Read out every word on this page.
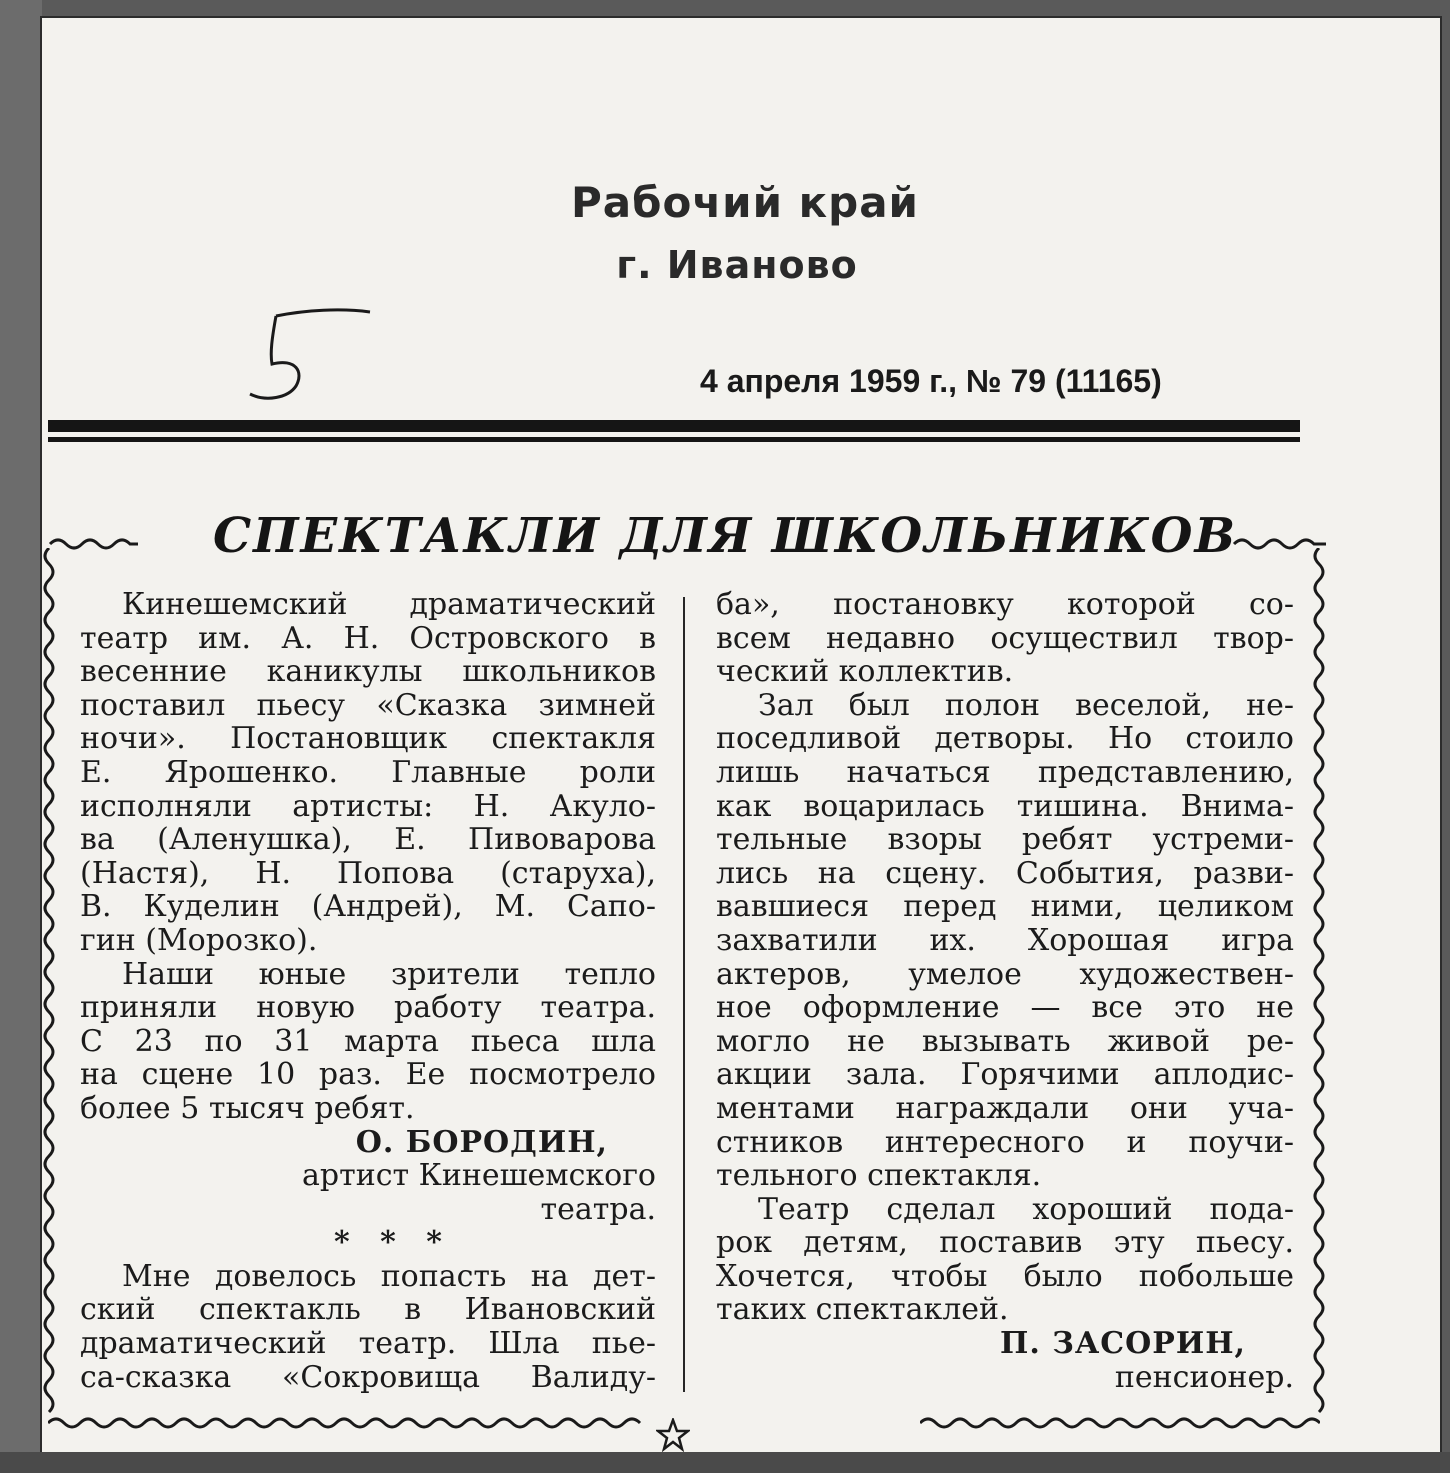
Рабочий край
г. Иваново
4 апреля 1959 г., № 79 (11165)
СПЕКТАКЛИ ДЛЯ ШКОЛЬНИКОВ

Кинешемский драматический

театр им. А. Н. Островского в

весенние каникулы школьников

поставил пьесу «Сказка зимней

ночи». Постановщик спектакля

Е. Ярошенко. Главные роли

исполняли артисты: Н. Акуло-

ва (Аленушка), Е. Пивоварова

(Настя), Н. Попова (старуха),

В. Куделин (Андрей), М. Сапо-

гин (Морозко).

Наши юные зрители тепло

приняли новую работу театра.

С 23 по 31 марта пьеса шла

на сцене 10 раз. Ее посмотрело

более 5 тысяч ребят.

О. БОРОДИН,
артист Кинешемского
театра.
* * *

Мне довелось попасть на дет-

ский спектакль в Ивановский

драматический театр. Шла пье-

са-сказка «Сокровища Валиду-

ба», постановку которой со-

всем недавно осуществил твор-

ческий коллектив.

Зал был полон веселой, не-

поседливой детворы. Но стоило

лишь начаться представлению,

как воцарилась тишина. Внима-

тельные взоры ребят устреми-

лись на сцену. События, разви-

вавшиеся перед ними, целиком

захватили их. Хорошая игра

актеров, умелое художествен-

ное оформление — все это не

могло не вызывать живой ре-

акции зала. Горячими аплодис-

ментами награждали они уча-

стников интересного и поучи-

тельного спектакля.

Театр сделал хороший пода-

рок детям, поставив эту пьесу.

Хочется, чтобы было побольше

таких спектаклей.

П. ЗАСОРИН,
пенсионер.
